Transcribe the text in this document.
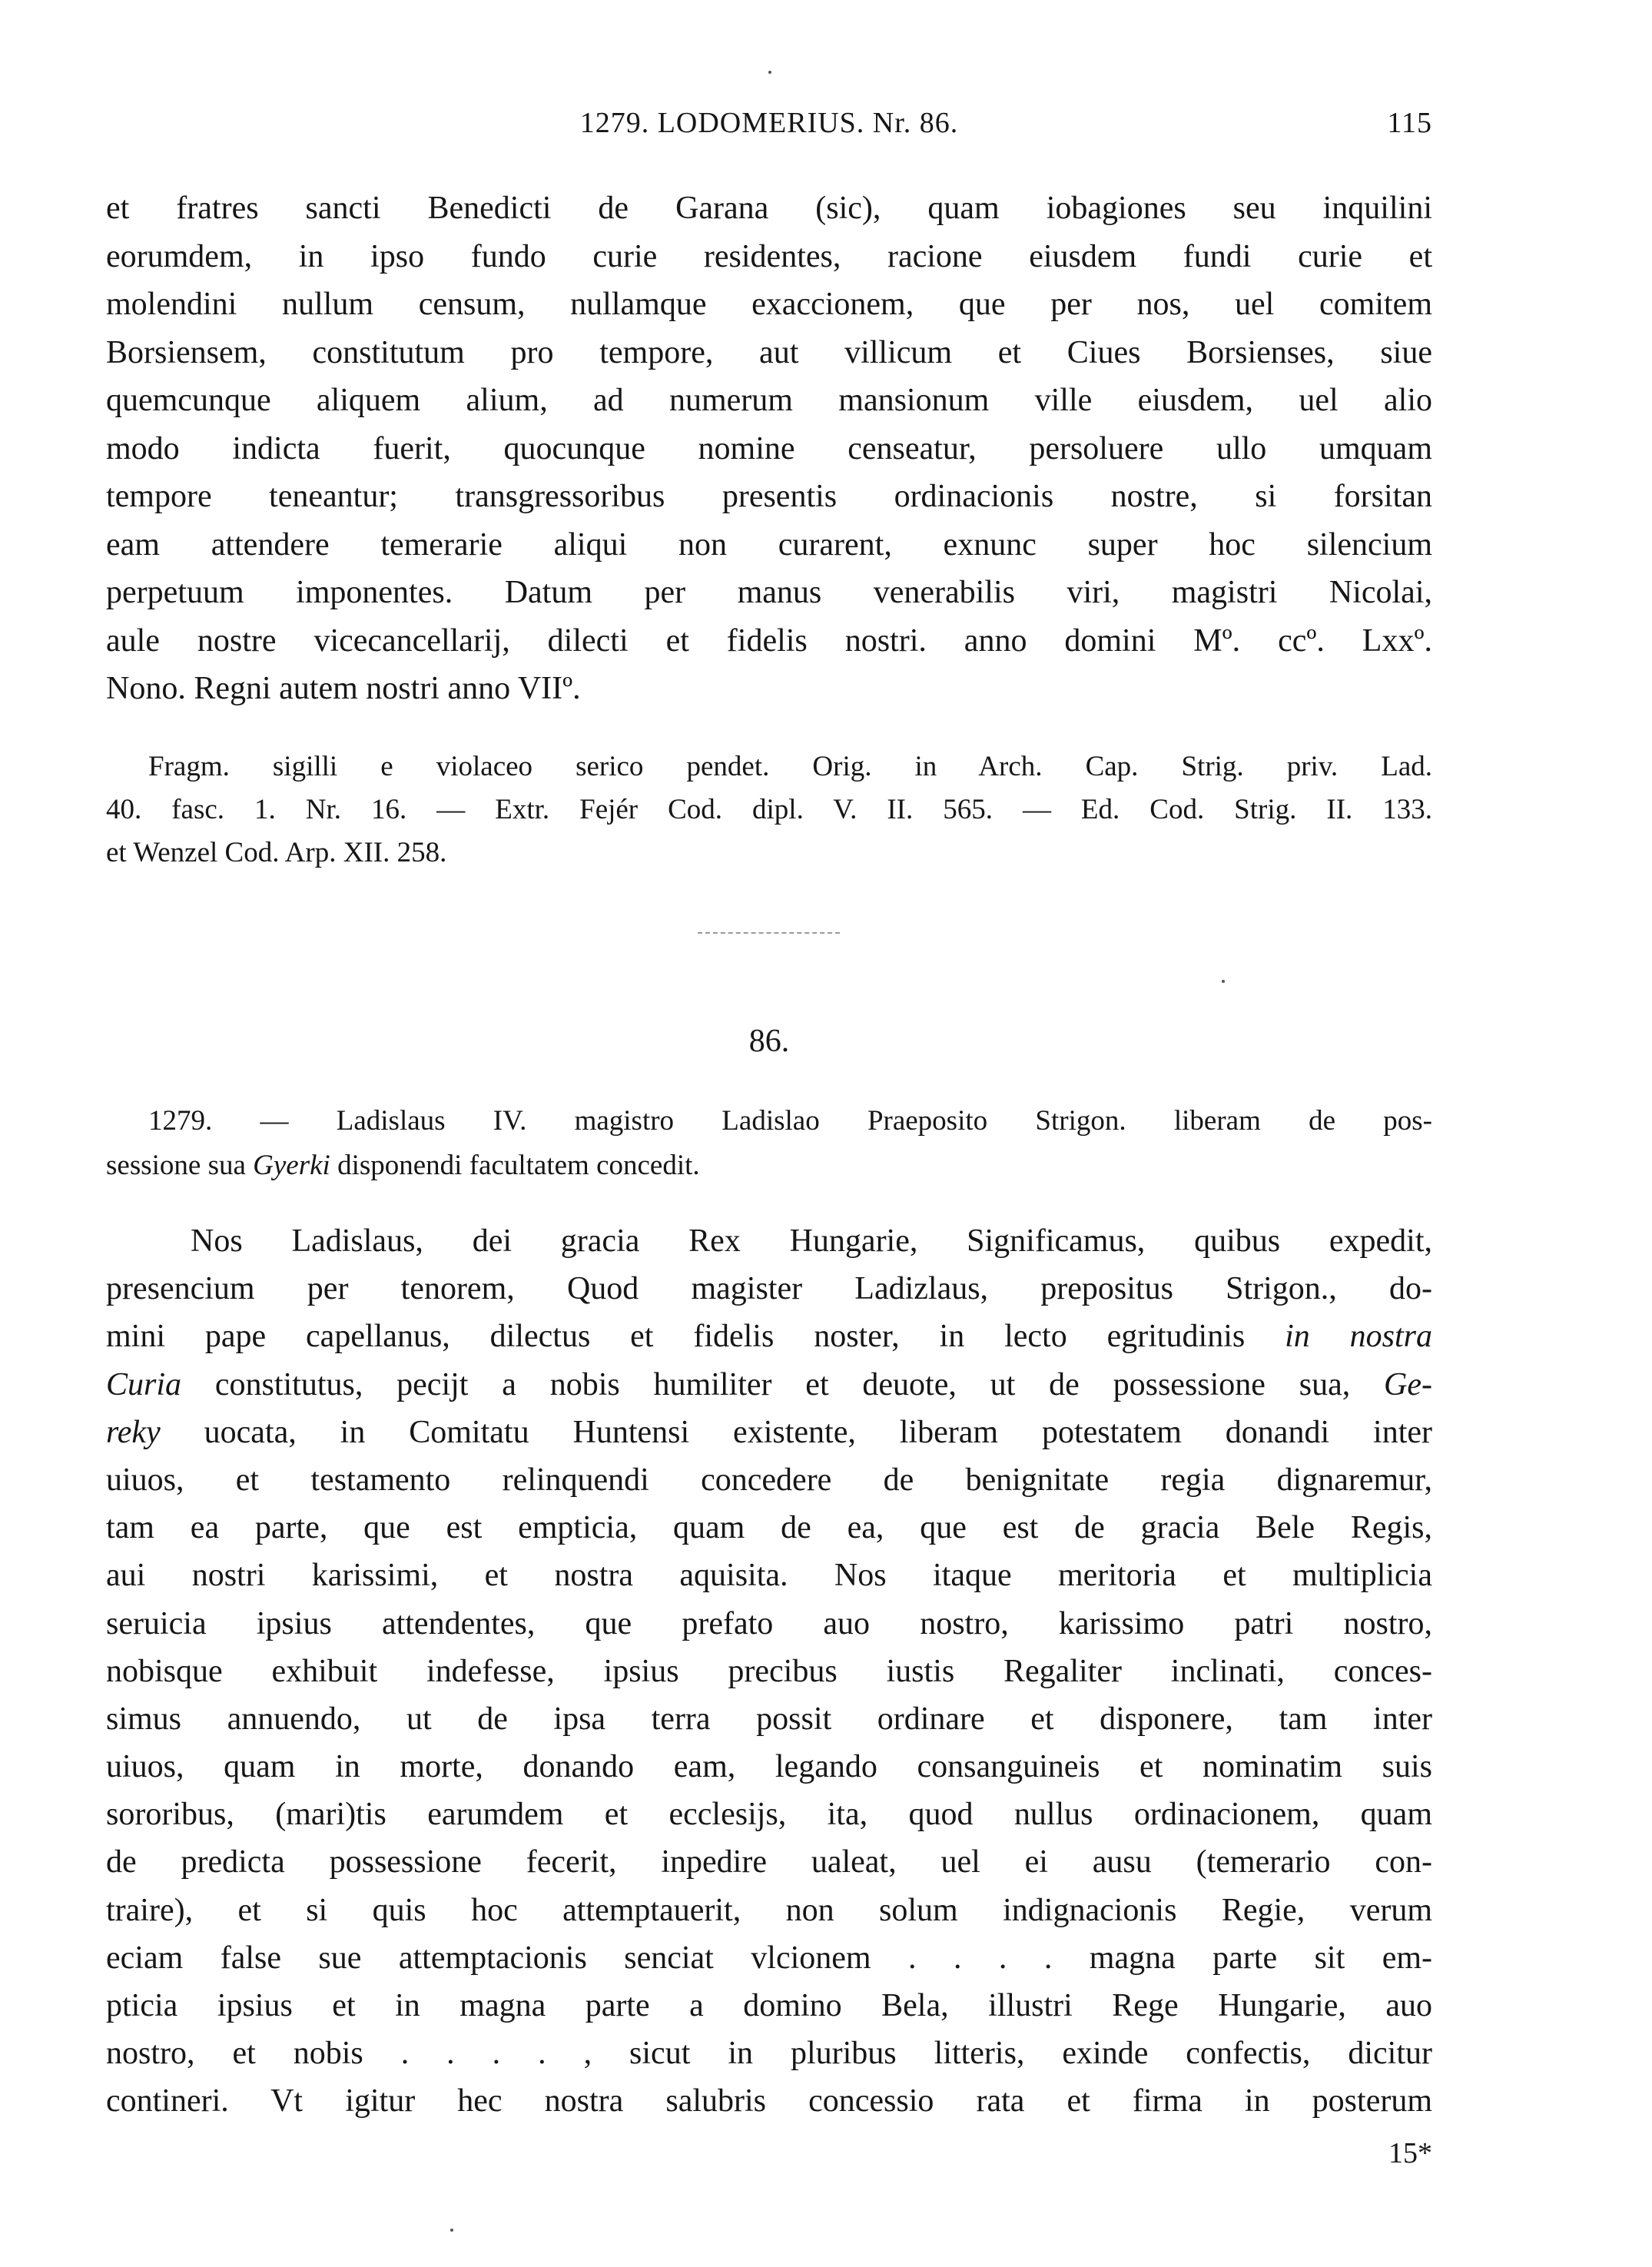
1279. LODOMERIUS. Nr. 86.	115
et fratres sancti Benedicti de Garana (sic), quam iobagiones seu inquilini
eorumdem, in ipso fundo curie residentes, racione eiusdem fundi curie et
molendini nullum censum, nullamque exaccionem, que per nos, uel comitem
Borsiensem, constitutum pro tempore, aut villicum et Ciues Borsienses, siue
quemcunque aliquem alium, ad numerum mansionum ville eiusdem, uel alio
modo indicta fuerit, quocunque nomine censeatur, persoluere ullo umquam
tempore teneantur; transgressoribus presentis ordinacionis nostre, si forsitan
eam attendere temerarie aliqui non curarent, exnunc super hoc silencium
perpetuum imponentes. Datum per manus venerabilis viri, magistri Nicolai,
aule nostre vicecancellarij, dilecti et fidelis nostri. anno domini Mº. ccº. Lxxº.
Nono. Regni autem nostri anno VIIº.
Fragm. sigilli e violaceo serico pendet. Orig. in Arch. Cap. Strig. priv. Lad.
40. fasc. 1. Nr. 16. — Extr. Fejér Cod. dipl. V. II. 565. — Ed. Cod. Strig. II. 133.
et Wenzel Cod. Arp. XII. 258.
86.
1279. — Ladislaus IV. magistro Ladislao Praeposito Strigon. liberam de pos-
sessione sua Gyerki disponendi facultatem concedit.
Nos Ladislaus, dei gracia Rex Hungarie, Significamus, quibus expedit,
presencium per tenorem, Quod magister Ladizlaus, prepositus Strigon., do-
mini pape capellanus, dilectus et fidelis noster, in lecto egritudinis in nostra
Curia constitutus, pecijt a nobis humiliter et deuote, ut de possessione sua, Ge-
reky uocata, in Comitatu Huntensi existente, liberam potestatem donandi inter
uiuos, et testamento relinquendi concedere de benignitate regia dignaremur,
tam ea parte, que est empticia, quam de ea, que est de gracia Bele Regis,
aui nostri karissimi, et nostra aquisita. Nos itaque meritoria et multiplicia
seruicia ipsius attendentes, que prefato auo nostro, karissimo patri nostro,
nobisque exhibuit indefesse, ipsius precibus iustis Regaliter inclinati, conces-
simus annuendo, ut de ipsa terra possit ordinare et disponere, tam inter
uiuos, quam in morte, donando eam, legando consanguineis et nominatim suis
sororibus, (mari)tis earumdem et ecclesijs, ita, quod nullus ordinacionem, quam
de predicta possessione fecerit, inpedire ualeat, uel ei ausu (temerario con-
traire), et si quis hoc attemptauerit, non solum indignacionis Regie, verum
eciam false sue attemptacionis senciat vlcionem . . . . magna parte sit em-
pticia ipsius et in magna parte a domino Bela, illustri Rege Hungarie, auo
nostro, et nobis . . . . , sicut in pluribus litteris, exinde confectis, dicitur
contineri. Vt igitur hec nostra salubris concessio rata et firma in posterum
15*
